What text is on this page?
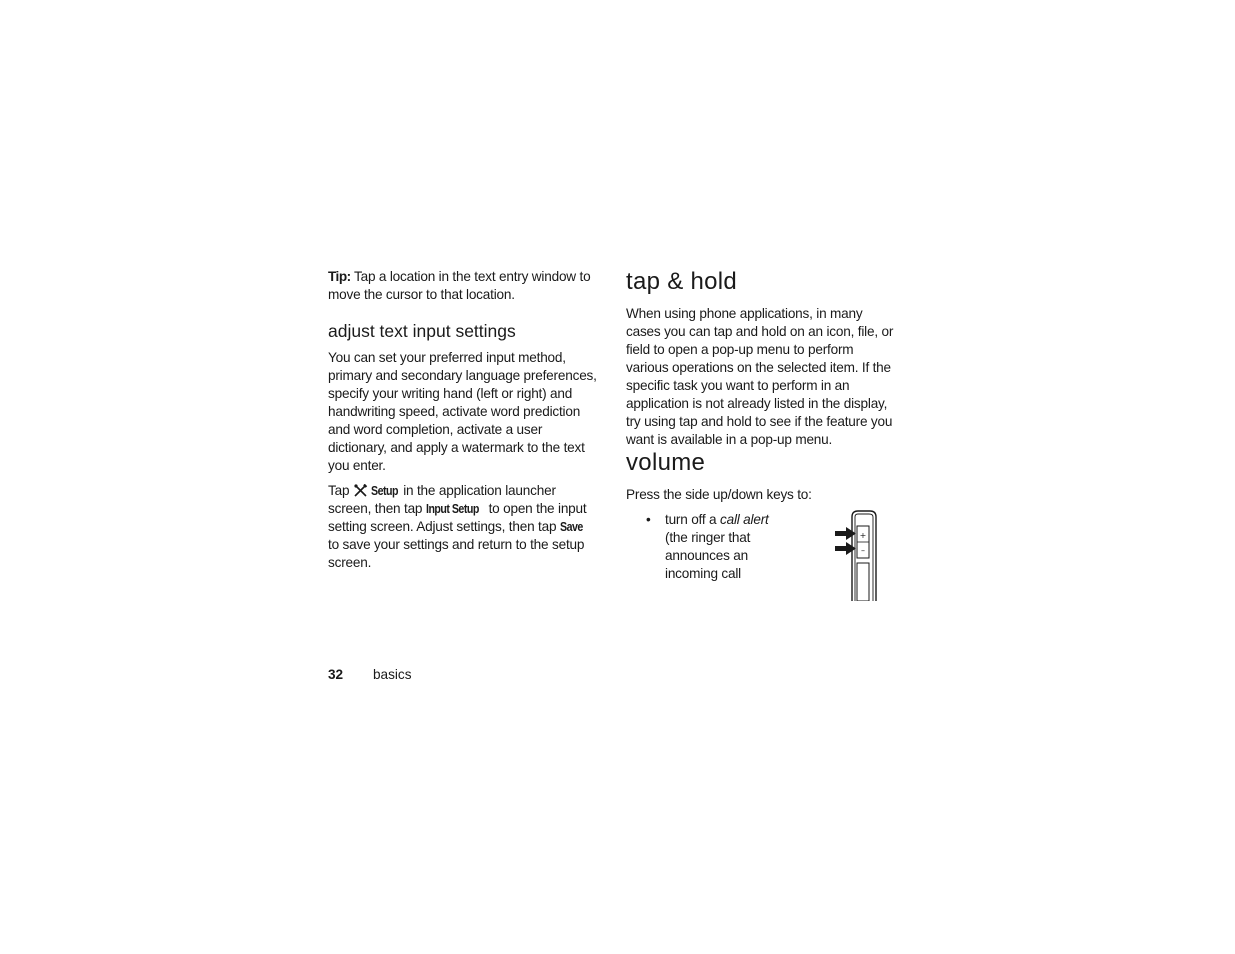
Tip: Tap a location in the text entry window to move the cursor to that location.

adjust text input settings

You can set your preferred input method, primary and secondary language preferences, specify your writing hand (left or right) and handwriting speed, activate word prediction and word completion, activate a user dictionary, and apply a watermark to the text you enter.

Tap Setup in the application launcher screen, then tap Input Setup to open the input setting screen. Adjust settings, then tap Save to save your settings and return to the setup screen.

tap & hold

When using phone applications, in many cases you can tap and hold on an icon, file, or field to open a pop-up menu to perform various operations on the selected item. If the specific task you want to perform in an application is not already listed in the display, try using tap and hold to see if the feature you want is available in a pop-up menu.

volume

Press the side up/down keys to:

• turn off a call alert (the ringer that announces an incoming call
+
–
32 basics
